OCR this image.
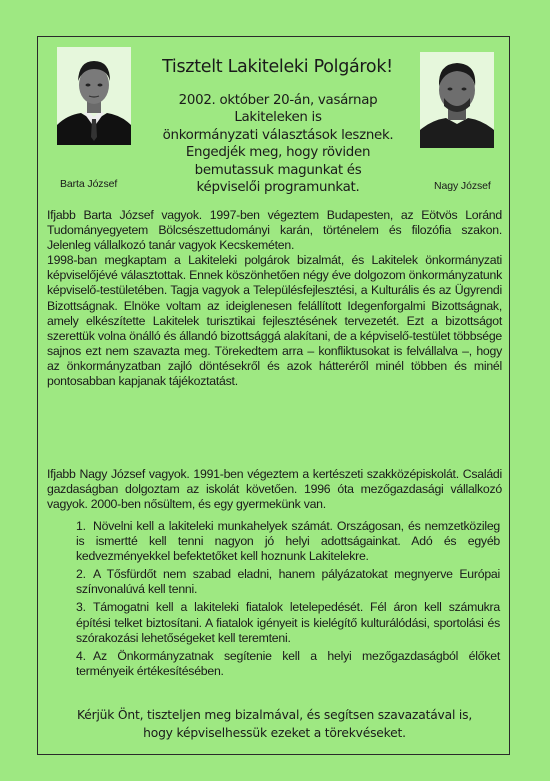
Barta József	Nagy József
Tisztelt Lakiteleki Polgárok!
2002. október 20-án, vasárnap
Lakiteleken is
önkormányzati választások lesznek.
Engedjék meg, hogy röviden
bemutassuk magunkat és
képviselői programunkat.

Ifjabb Barta József vagyok. 1997-ben végeztem Budapesten, az Eötvös Loránd Tudományegyetem Bölcsészettudományi karán, történelem és filozófia szakon. Jelenleg vállalkozó tanár vagyok Kecskeméten.

1998-ban megkaptam a Lakiteleki polgárok bizalmát, és Lakitelek önkormányzati képviselőjévé választottak. Ennek köszönhetően négy éve dolgozom önkormányzatunk képviselő-testületében. Tagja vagyok a Településfejlesztési, a Kulturális és az Ügyrendi Bizottságnak. Elnöke voltam az ideiglenesen felállított Idegenforgalmi Bizottságnak, amely elkészítette Lakitelek turisztikai fejlesztésének tervezetét. Ezt a bizottságot szerettük volna önálló és állandó bizottsággá alakítani, de a képviselő-testület többsége sajnos ezt nem szavazta meg. Törekedtem arra – konfliktusokat is felvállalva –, hogy az önkormányzatban zajló döntésekről és azok hátteréről minél többen és minél pontosabban kapjanak tájékoztatást.

Ifjabb Nagy József vagyok. 1991-ben végeztem a kertészeti szakközépiskolát. Családi gazdaságban dolgoztam az iskolát követően. 1996 óta mezőgazdasági vállalkozó vagyok. 2000-ben nősültem, és egy gyermekünk van.

1. Növelni kell a lakiteleki munkahelyek számát. Országosan, és nemzetközileg is ismertté kell tenni nagyon jó helyi adottságainkat. Adó és egyéb kedvezményekkel befektetőket kell hoznunk Lakitelekre.
2. A Tősfürdőt nem szabad eladni, hanem pályázatokat megnyerve Európai színvonalúvá kell tenni.
3. Támogatni kell a lakiteleki fiatalok letelepedését. Fél áron kell számukra építési telket biztosítani. A fiatalok igényeit is kielégítő kulturálódási, sportolási és szórakozási lehetőségeket kell teremteni.
4. Az Önkormányzatnak segítenie kell a helyi mezőgazdaságból élőket terményeik értékesítésében.
Kérjük Önt, tiszteljen meg bizalmával, és segítsen szavazatával is,
hogy képviselhessük ezeket a törekvéseket.
